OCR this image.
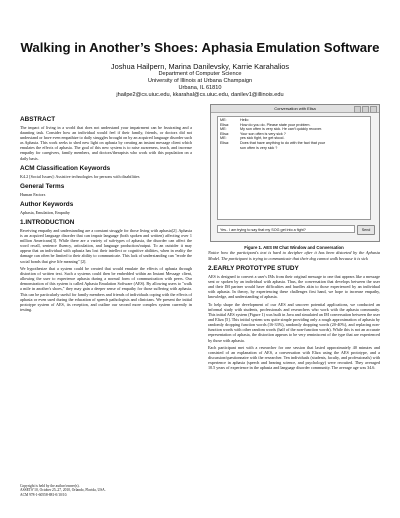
Walking in Another’s Shoes: Aphasia Emulation Software
Joshua Hailpern, Marina Danilevsky, Karrie Karahalios
Department of Computer Science
University of Illinois at Urbana Champaign
Urbana, IL 61810
jhailpe2@cs.uiuc.edu, kkarahal@cs.uiuc.edu, danilev1@illinois.edu
ABSTRACT

The impact of living in a world that does not understand your impairment can be frustrating and a daunting task. Consider how an individual would feel if their family, friends, or doctors did not understand or have even empathize to daily struggles brought on by an acquired language disorder such as Aphasia. This work seeks to shed new light on aphasia by creating an instant message client which emulates the effects of aphasia. The goal of this new system is to raise awareness, teach, and increase empathy for caregivers, family members, and doctors/therapists who work with this population on a daily basis.

ACM Classification Keywords

K4.2 [Social Issues]: Assistive technologies for persons with disabilities

General Terms

Human Factors

Author Keywords

Aphasia, Emulation, Empathy

1.INTRODUCTION

Receiving empathy and understanding are a constant struggle for those living with aphasia[2]. Aphasia is an acquired language disorder that can impair language (both spoken and written) affecting over 1 million Americans[3]. While there are a variety of sub-types of aphasia, the disorder can affect the word recall, sentence fluency, articulation, and language production/output. To an outsider it may appear that an individual with aphasia has lost their intellect or cognitive abilities, when in reality the damage can often be limited to their ability to communicate. This lack of understanding can "erode the social bonds that give life meaning" [2].

We hypothesize that a system could be created that would emulate the effects of aphasia through distortion of written text. Such a systems could then be embedded within an Instant Message client, allowing the user to experience aphasia during a normal form of communication with peers. Our demonstration of this system is called Aphasia Emulation Software (AES). By allowing users to "walk a mile in another's shoes," they may gain a deeper sense of empathy for those suffering with aphasia. This can be particularly useful for family members and friends of individuals coping with the effects of aphasia or even used during the education of speech pathologists and clinicians. We present the initial prototype system of AES, its reception, and outline our second more complex system currently in testing.

Copyright is held by the author/owner(s).
ASSETS’10, October 25–27, 2010, Orlando, Florida, USA.
ACM 978-1-60558-881-0/10/10.
Conversation with Elisa
ME:	Hello
Elisa:	How do you do. Please state your problem.
ME:	My son often is very sick. He can't quickly recover.
Elisa:	Your son often is very sick ?
ME:	yes sick fight, be get stood.
Elisa:	Does that have anything to do with the fact that your
son often is very sick ?
Yes.. I am trying to say that my SOG get into a fight?	Send
Figure 1. AES IM Chat Window and Conversation
Notice how the participant's text is hard to decipher after it has been distorted by the Aphasia Model. The participant is trying to communicate that their dog cannot walk because it is sick
2.EARLY PROTOTYPE STUDY

AES is designed to convert a user's IMs from their original message to one that appears like a message sent or spoken by an individual with aphasia. Thus, the conversation that develops between the user and their IM partner would have difficulties and hurdles akin to those experienced by an individual with aphasia. In theory, by experiencing these challenges first hand, we hope to increase empathy, knowledge, and understanding of aphasia.

To help shape the development of our AES and uncover potential applications, we conducted an informal study with students, professionals and researchers who work with the aphasia community. This initial AES system (Figure 1) was built in Java and simulated an IM conversation between the user and Eliza [5]. This initial system was quite simple providing only a rough approximation of aphasia by randomly dropping function words (16-33%), randomly dropping words (20-40%), and replacing non-function words with other random words (half of the non-function words). While this is not an accurate representation of aphasia, the distortion appears to be very reminiscent of the type that are experienced by those with aphasia.

Each participant met with a researcher for one session that lasted approximately 40 minutes and consisted of an explanation of AES, a conversation with Eliza using the AES prototype, and a discussion/questionnaire with the researcher. Ten individuals (students, faculty, and professionals) with experience in aphasia (speech and hearing science, and psychology) were recruited. They averaged 10.5 years of experience in the aphasia and language disorder community. The average age was 34.6.
